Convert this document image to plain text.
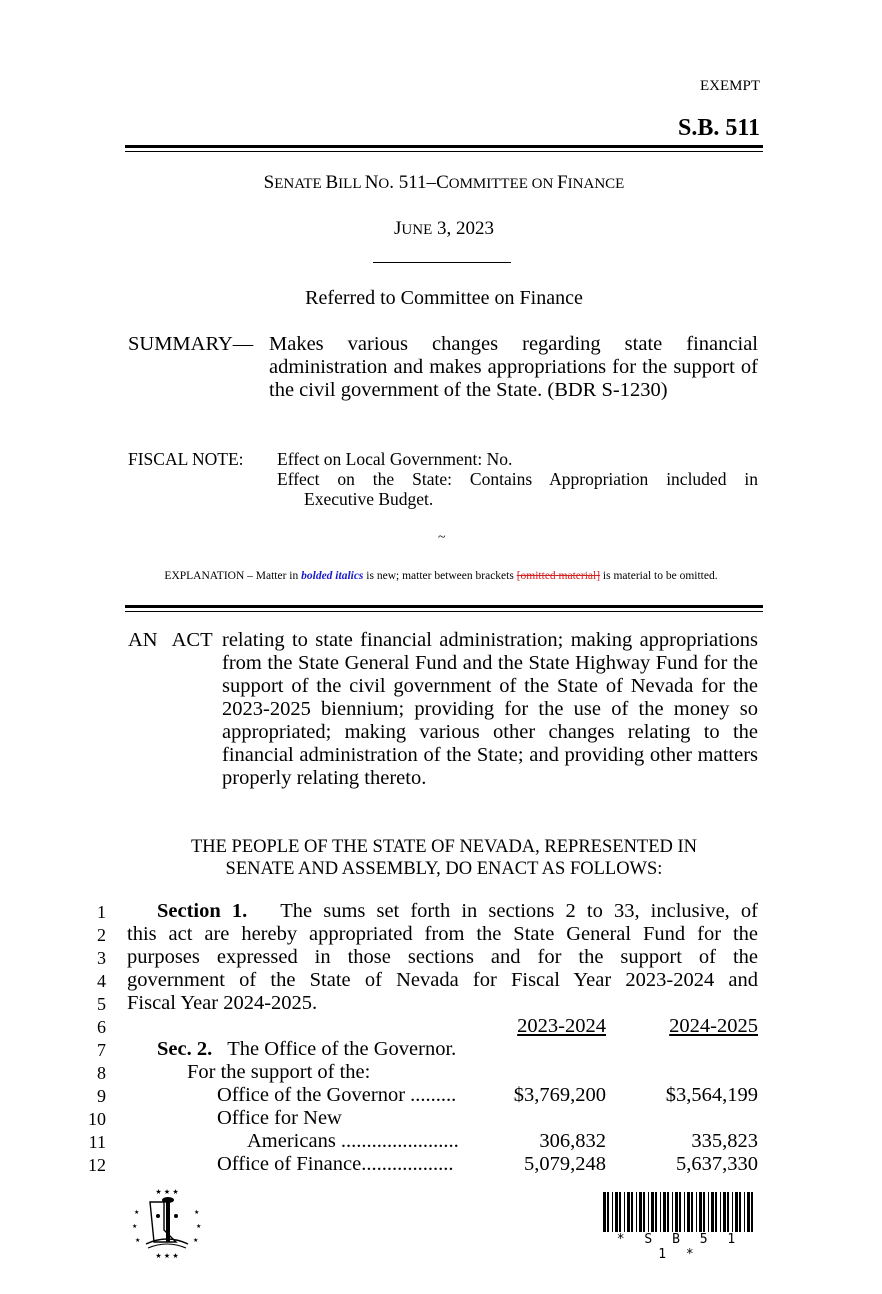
EXEMPT
S.B. 511
SENATE BILL NO. 511–COMMITTEE ON FINANCE
JUNE 3, 2023
Referred to Committee on Finance
SUMMARY— Makes various changes regarding state financial administration and makes appropriations for the support of the civil government of the State. (BDR S-1230)
FISCAL NOTE: Effect on Local Government: No.
Effect on the State: Contains Appropriation included in
Executive Budget.
~
EXPLANATION – Matter in bolded italics is new; matter between brackets [omitted material] is material to be omitted.
AN ACT relating to state financial administration; making appropriations from the State General Fund and the State Highway Fund for the support of the civil government of the State of Nevada for the 2023-2025 biennium; providing for the use of the money so appropriated; making various other changes relating to the financial administration of the State; and providing other matters properly relating thereto.
THE PEOPLE OF THE STATE OF NEVADA, REPRESENTED IN
SENATE AND ASSEMBLY, DO ENACT AS FOLLOWS:
1
2
3
4
5
6
7
8
9
10
11
12
Section 1. The sums set forth in sections 2 to 33, inclusive, of
this act are hereby appropriated from the State General Fund for the
purposes expressed in those sections and for the support of the
government of the State of Nevada for Fiscal Year 2023-2024 and
Fiscal Year 2024-2025.
2023-2024	2024-2025
Sec. 2. The Office of the Governor.
For the support of the:
Office of the Governor .........	$3,769,200	$3,564,199
Office for New
Americans .......................	306,832	335,823
Office of Finance..................	5,079,248	5,637,330
★ ★ ★
★	★
★	★
★	★
★ ★ ★
* S B 5 1 1 *
